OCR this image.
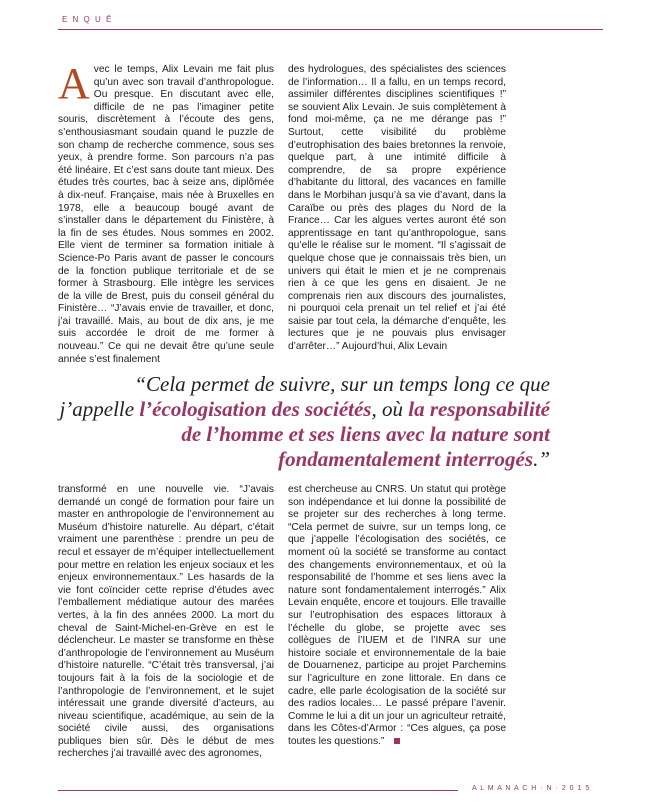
E N Q U Ê
A vec le temps, Alix Levain me fait plus qu’un avec son travail d’anthropologue. Ou presque. En discutant avec elle, difficile de ne pas l’imaginer petite souris, discrètement à l’écoute des gens, s’enthousiasmant soudain quand le puzzle de son champ de recherche commence, sous ses yeux, à prendre forme. Son parcours n’a pas été linéaire. Et c’est sans doute tant mieux. Des études très courtes, bac à seize ans, diplômée à dix-neuf. Française, mais née à Bruxelles en 1978, elle a beaucoup bougé avant de s’installer dans le département du Finistère, à la fin de ses études. Nous sommes en 2002. Elle vient de terminer sa formation initiale à Science-Po Paris avant de passer le concours de la fonction publique territoriale et de se former à Strasbourg. Elle intègre les services de la ville de Brest, puis du conseil général du Finistère… “J’avais envie de travailler, et donc, j’ai travaillé. Mais, au bout de dix ans, je me suis accordée le droit de me former à nouveau.” Ce qui ne devait être qu’une seule année s’est finalement

des hydrologues, des spécialistes des sciences de l’information… Il a fallu, en un temps record, assimiler différentes disciplines scientifiques !” se souvient Alix Levain. Je suis complètement à fond moi-même, ça ne me dérange pas !” Surtout, cette visibilité du problème d’eutrophisation des baies bretonnes la renvoie, quelque part, à une intimité difficile à comprendre, de sa propre expérience d’habitante du littoral, des vacances en famille dans le Morbihan jusqu’à sa vie d’avant, dans la Caraïbe ou près des plages du Nord de la France… Car les algues vertes auront été son apprentissage en tant qu’anthropologue, sans qu’elle le réalise sur le moment. “Il s’agissait de quelque chose que je connaissais très bien, un univers qui était le mien et je ne comprenais rien à ce que les gens en disaient. Je ne comprenais rien aux discours des journalistes, ni pourquoi cela prenait un tel relief et j’ai été saisie par tout cela, la démarche d’enquête, les lectures que je ne pouvais plus envisager d’arrêter…” Aujourd’hui, Alix Levain

“Cela permet de suivre, sur un temps long ce que j’appelle l’écologisation des sociétés, où la responsabilité de l’homme et ses liens avec la nature sont fondamentalement interrogés.”

transformé en une nouvelle vie. “J’avais demandé un congé de formation pour faire un master en anthropologie de l’environnement au Muséum d’histoire naturelle. Au départ, c’était vraiment une parenthèse : prendre un peu de recul et essayer de m’équiper intellectuellement pour mettre en relation les enjeux sociaux et les enjeux environnementaux.” Les hasards de la vie font coïncider cette reprise d’études avec l’emballement médiatique autour des marées vertes, à la fin des années 2000. La mort du cheval de Saint-Michel-en-Grève en est le déclencheur. Le master se transforme en thèse d’anthropologie de l’environnement au Muséum d’histoire naturelle. “C’était très transversal, j’ai toujours fait à la fois de la sociologie et de l’anthropologie de l’environnement, et le sujet intéressait une grande diversité d’acteurs, au niveau scientifique, académique, au sein de la société civile aussi, des organisations publiques bien sûr. Dès le début de mes recherches j’ai travaillé avec des agronomes,

est chercheuse au CNRS. Un statut qui protège son indépendance et lui donne la possibilité de se projeter sur des recherches à long terme. “Cela permet de suivre, sur un temps long, ce que j’appelle l’écologisation des sociétés, ce moment où la société se transforme au contact des changements environnementaux, et où la responsabilité de l’homme et ses liens avec la nature sont fondamentalement interrogés.” Alix Levain enquête, encore et toujours. Elle travaille sur l’eutrophisation des espaces littoraux à l’échelle du globe, se projette avec ses collègues de l’IUEM et de l’INRA sur une histoire sociale et environnementale de la baie de Douarnenez, participe au projet Parchemins sur l’agriculture en zone littorale. En dans ce cadre, elle parle écologisation de la société sur des radios locales… Le passé prépare l’avenir. Comme le lui a dit un jour un agriculteur retraité, dans les Côtes-d’Armor : “Ces algues, ça pose toutes les questions.”

A L M A N A C H · N · 2 0 1 5
